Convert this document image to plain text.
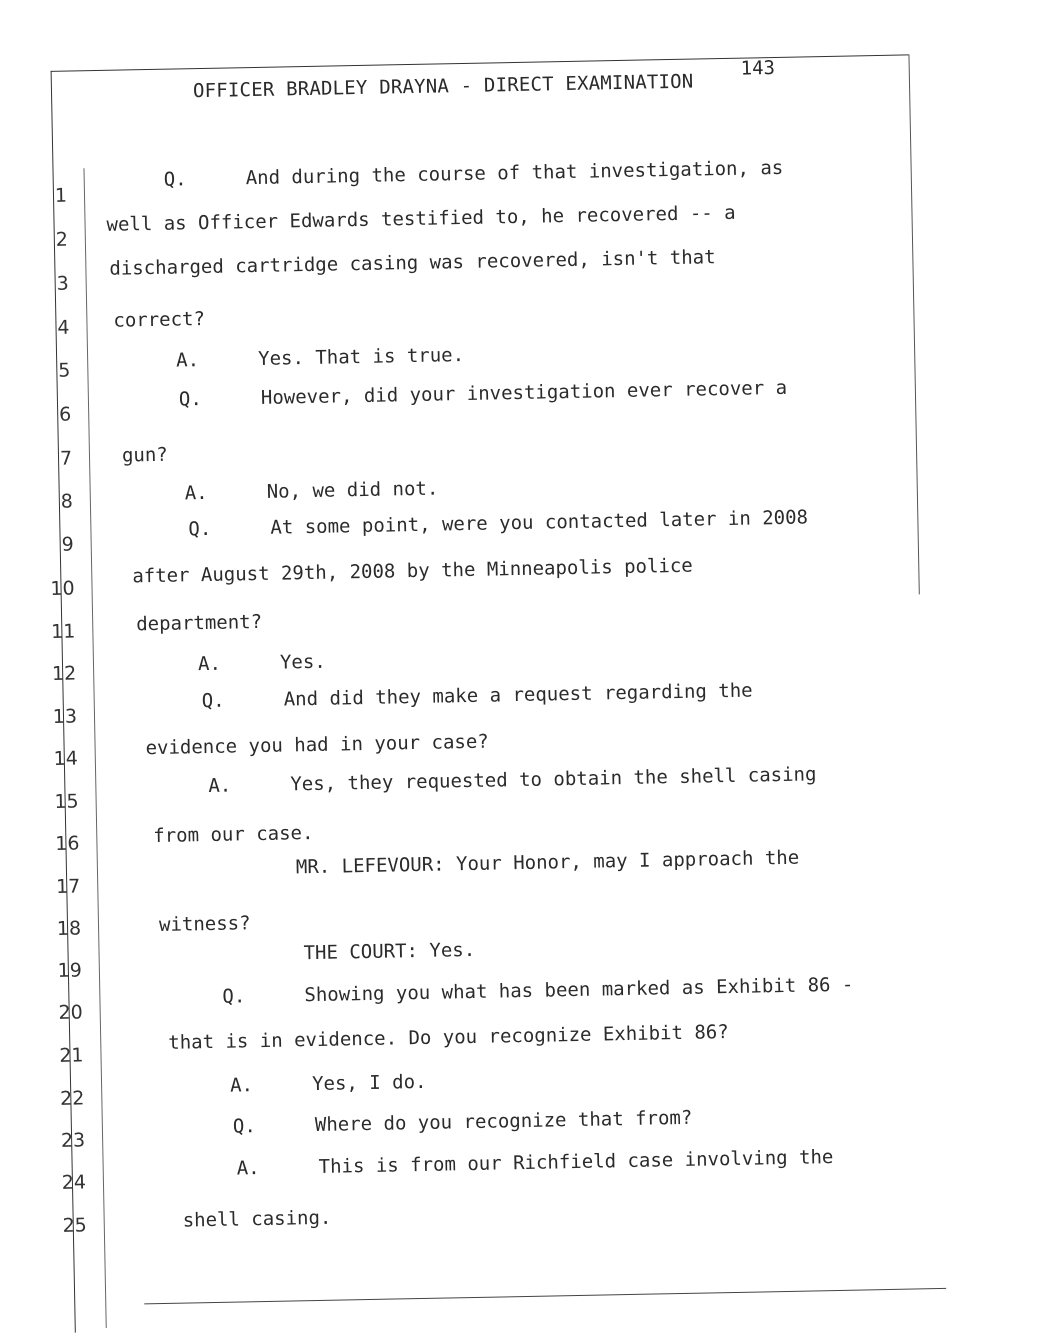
OFFICER BRADLEY DRAYNA - DIRECT EXAMINATION
143
1
2
3
4
5
6
7
8
9
10
11
12
13
14
15
16
17
18
19
20
21
22
23
24
25
Q.	And during the course of that investigation, as
well as Officer Edwards testified to, he recovered -- a
discharged cartridge casing was recovered, isn't that
correct?
A.	Yes. That is true.
Q.	However, did your investigation ever recover a
gun?
A.	No, we did not.
Q.	At some point, were you contacted later in 2008
after August 29th, 2008 by the Minneapolis police
department?
A.	Yes.
Q.	And did they make a request regarding the
evidence you had in your case?
A.	Yes, they requested to obtain the shell casing
from our case.
MR. LEFEVOUR: Your Honor, may I approach the
witness?
THE COURT: Yes.
Q.	Showing you what has been marked as Exhibit 86 -
that is in evidence. Do you recognize Exhibit 86?
A.	Yes, I do.
Q.	Where do you recognize that from?
A.	This is from our Richfield case involving the
shell casing.
